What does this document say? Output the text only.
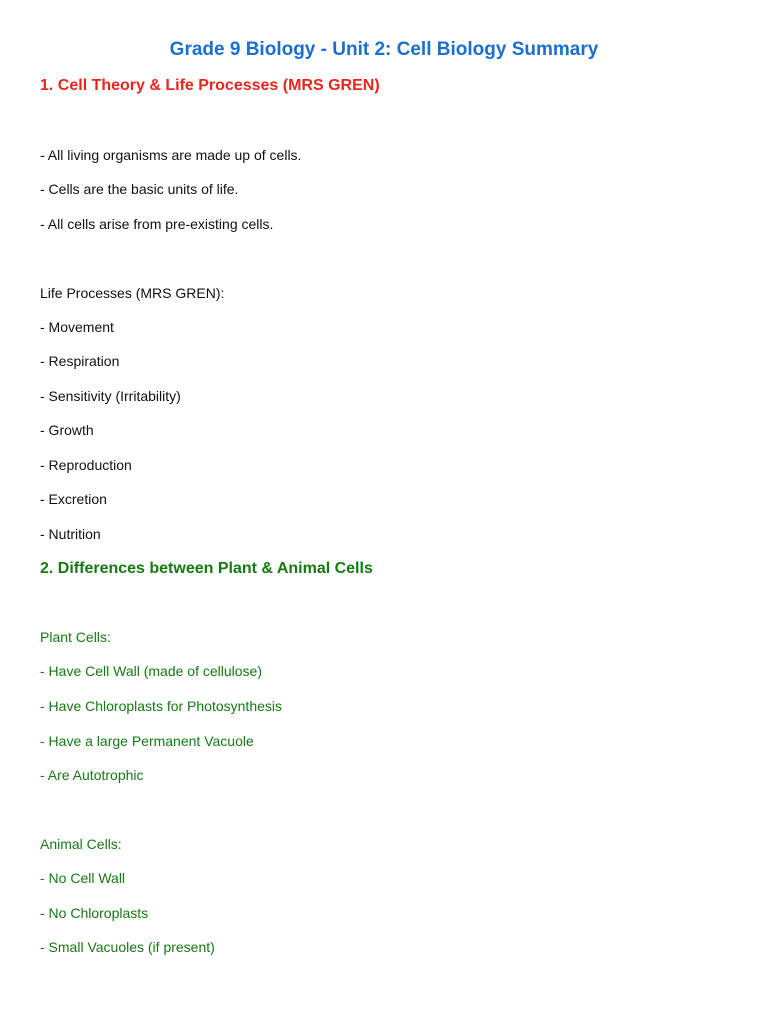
Grade 9 Biology - Unit 2: Cell Biology Summary
1. Cell Theory & Life Processes (MRS GREN)
- All living organisms are made up of cells.
- Cells are the basic units of life.
- All cells arise from pre-existing cells.
Life Processes (MRS GREN):
- Movement
- Respiration
- Sensitivity (Irritability)
- Growth
- Reproduction
- Excretion
- Nutrition
2. Differences between Plant & Animal Cells
Plant Cells:
- Have Cell Wall (made of cellulose)
- Have Chloroplasts for Photosynthesis
- Have a large Permanent Vacuole
- Are Autotrophic
Animal Cells:
- No Cell Wall
- No Chloroplasts
- Small Vacuoles (if present)
